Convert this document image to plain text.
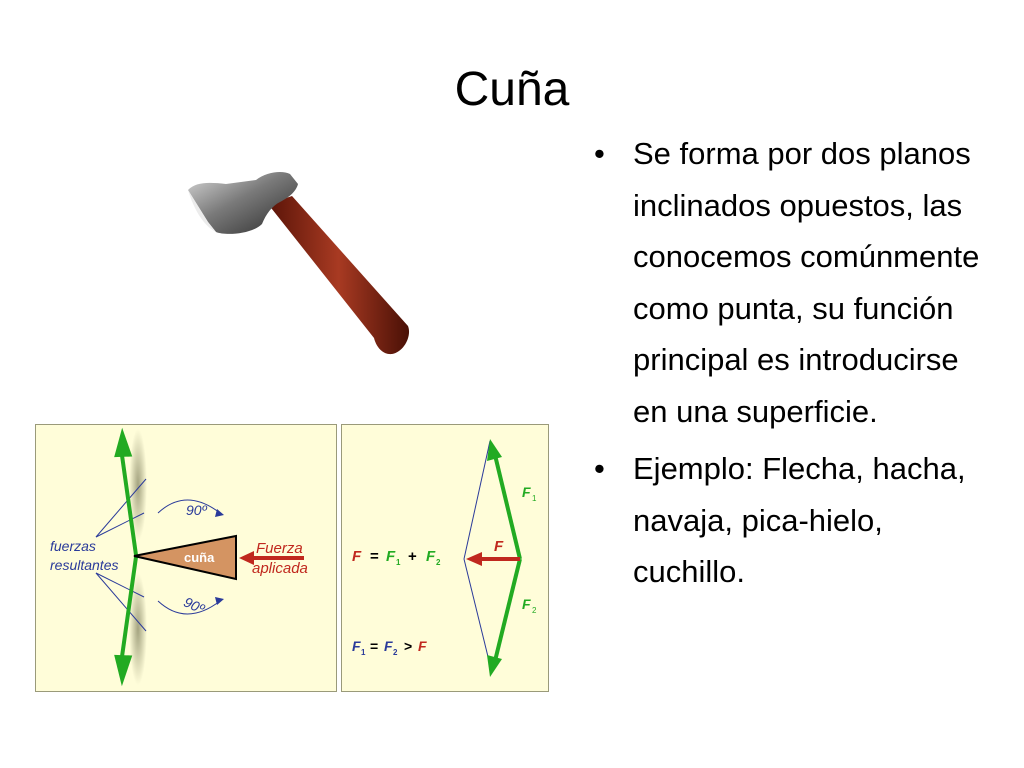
Cuña
• Se forma por dos planos inclinados opuestos, las conocemos comúnmente como punta, su función principal es introducirse en una superficie.
• Ejemplo: Flecha, hacha, navaja, pica-hielo, cuchillo.
cuña
Fuerza
aplicada
90º
90º
fuerzas
resultantes
F 1
F 2
F
F = F 1 + F 2
F 1 = F 2 > F
